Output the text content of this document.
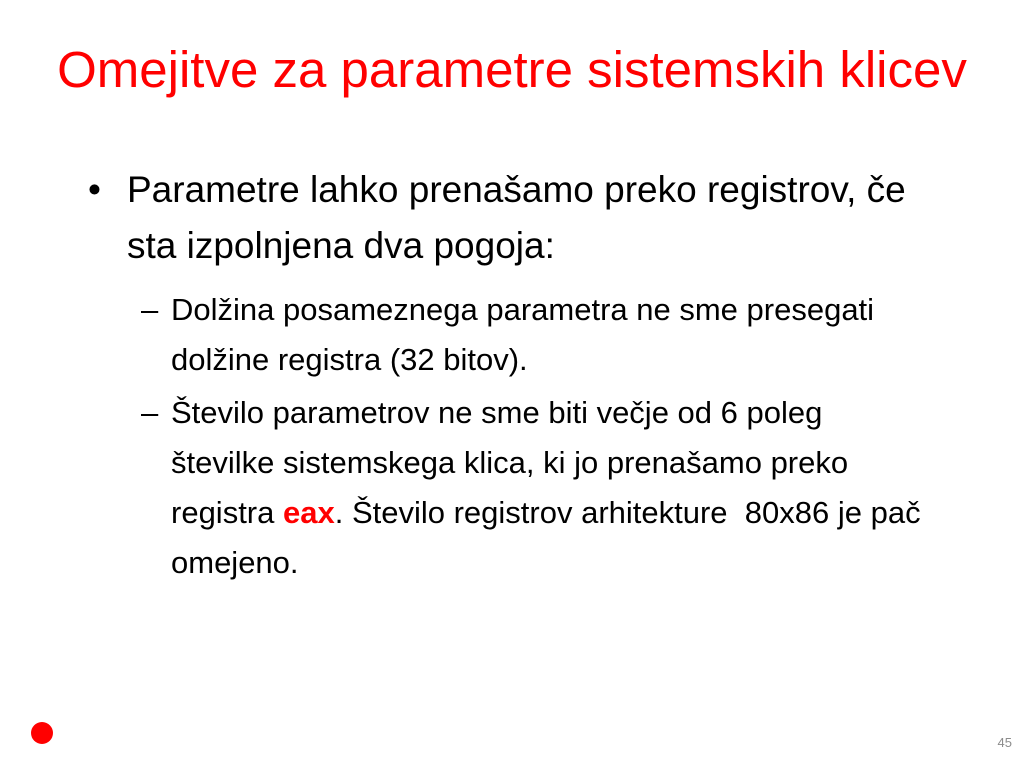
Omejitve za parametre sistemskih klicev
• Parametre lahko prenašamo preko registrov, če
sta izpolnjena dva pogoja:
– Dolžina posameznega parametra ne sme presegati
dolžine registra (32 bitov).
– Število parametrov ne sme biti večje od 6 poleg
številke sistemskega klica, ki jo prenašamo preko
registra eax. Število registrov arhitekture  80x86 je pač
omejeno.
45
